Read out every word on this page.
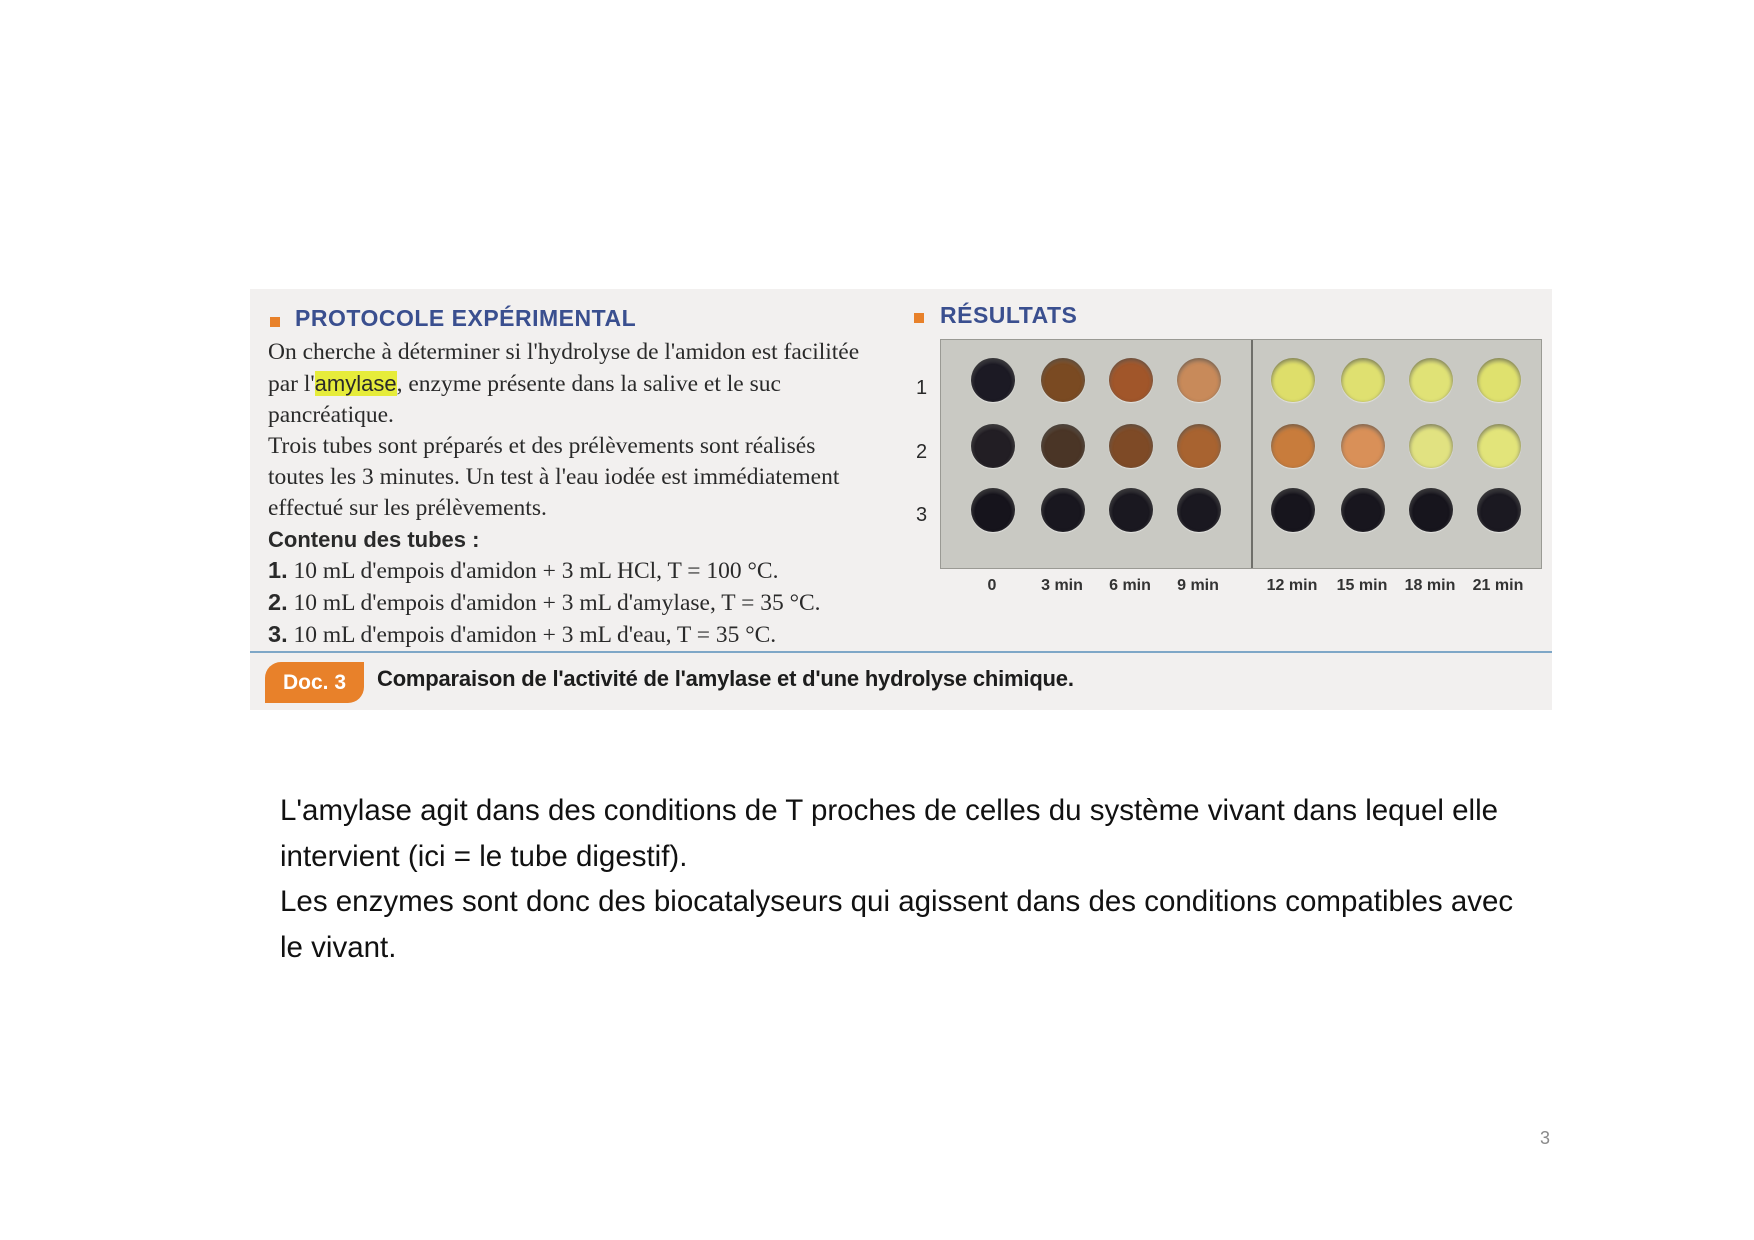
PROTOCOLE EXPÉRIMENTAL

On cherche à déterminer si l'hydrolyse de l'amidon est facilitée par l'amylase, enzyme présente dans la salive et le suc pancréatique.

Trois tubes sont préparés et des prélèvements sont réalisés toutes les 3 minutes. Un test à l'eau iodée est immédiatement effectué sur les prélèvements.

Contenu des tubes :

1. 10 mL d'empois d'amidon + 3 mL HCl, T = 100 °C.

2. 10 mL d'empois d'amidon + 3 mL d'amylase, T = 35 °C.

3. 10 mL d'empois d'amidon + 3 mL d'eau, T = 35 °C.

RÉSULTATS
Doc. 3	Comparaison de l'activité de l'amylase et d'une hydrolyse chimique.
1
2
3
0	3 min	6 min	9 min	12 min	15 min	18 min	21 min

L'amylase agit dans des conditions de T proches de celles du système vivant dans lequel elle intervient (ici = le tube digestif).

Les enzymes sont donc des biocatalyseurs qui agissent dans des conditions compatibles avec le vivant.

3
